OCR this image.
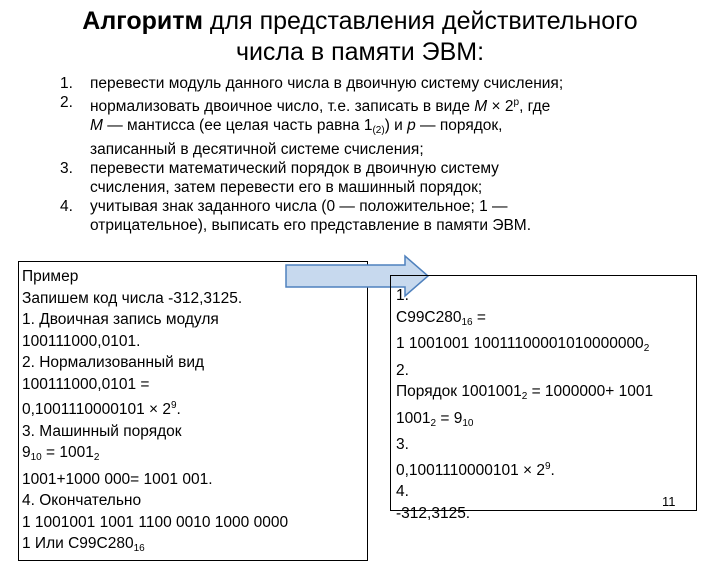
Алгоритм для представления действительного
числа в памяти ЭВМ:
1. перевести модуль данного числа в двоичную систему счисления;
2. нормализовать двоичное число, т.е. записать в виде $M \times 2^p$, где
M — мантисса (ее целая часть равна $1_{(2)}$) и p — порядок,
записанный в десятичной системе счисления;
3. перевести математический порядок в двоичную систему
счисления, затем перевести его в машинный порядок;
4. учитывая знак заданного числа (0 — положительное; 1 —
отрицательное), выписать его представление в памяти ЭВМ.
Пример
Запишем код числа -312,3125.
1. Двоичная запись модуля
100111000,0101.
2. Нормализованный вид
100111000,0101 =
$0,1001110000101 \times 2^9$.
3. Машинный порядок
$9_{10} = 1001_2$
1001+1000 000= 1001 001.
4. Окончательно
1 1001001 1001 1100 0010 1000 0000
1 Или $С99С280_{16}$
1.
$С99С280_{16}$ =
1 1001001 $10011100001010000000_2$
2.
Порядок $1001001_2 = 1000000+ 1001$
$1001_2 = 9_{10}$
3.
$0,1001110000101 \times 2^9$.
4.
-312,3125.
11
